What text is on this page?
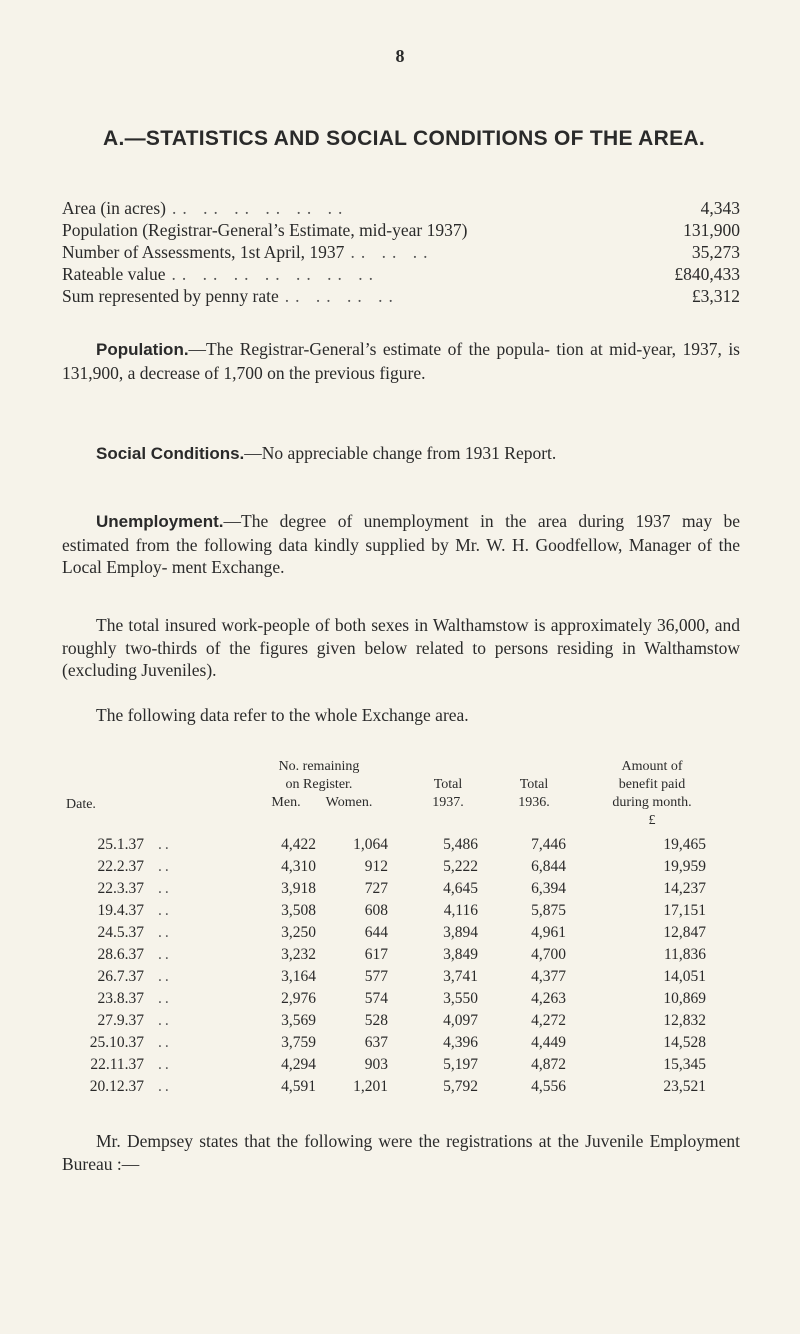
8
A.—STATISTICS AND SOCIAL CONDITIONS OF THE AREA.
Area (in acres) .. .. .. .. .. ..	4,343
Population (Registrar-General’s Estimate, mid-year 1937)	131,900
Number of Assessments, 1st April, 1937 .. .. ..	35,273
Rateable value .. .. .. .. .. .. ..	£840,433
Sum represented by penny rate .. .. .. ..	£3,312
Population.—The Registrar-General’s estimate of the popula- tion at mid-year, 1937, is 131,900, a decrease of 1,700 on the previous figure.
Social Conditions.—No appreciable change from 1931 Report.
Unemployment.—The degree of unemployment in the area during 1937 may be estimated from the following data kindly supplied by Mr. W. H. Goodfellow, Manager of the Local Employ- ment Exchange.
The total insured work-people of both sexes in Walthamstow is approximately 36,000, and roughly two-thirds of the figures given below related to persons residing in Walthamstow (excluding Juveniles).
The following data refer to the whole Exchange area.
No. remaining
on Register.
Date.	Men.	Women.
Total
1937.
Total
1936.
Amount of
benefit paid
during month.
£
25.1.37 ..	4,422	1,064	5,486	7,446	19,465
22.2.37 ..	4,310	912	5,222	6,844	19,959
22.3.37 ..	3,918	727	4,645	6,394	14,237
19.4.37 ..	3,508	608	4,116	5,875	17,151
24.5.37 ..	3,250	644	3,894	4,961	12,847
28.6.37 ..	3,232	617	3,849	4,700	11,836
26.7.37 ..	3,164	577	3,741	4,377	14,051
23.8.37 ..	2,976	574	3,550	4,263	10,869
27.9.37 ..	3,569	528	4,097	4,272	12,832
25.10.37 ..	3,759	637	4,396	4,449	14,528
22.11.37 ..	4,294	903	5,197	4,872	15,345
20.12.37 ..	4,591	1,201	5,792	4,556	23,521
Mr. Dempsey states that the following were the registrations at the Juvenile Employment Bureau :—
